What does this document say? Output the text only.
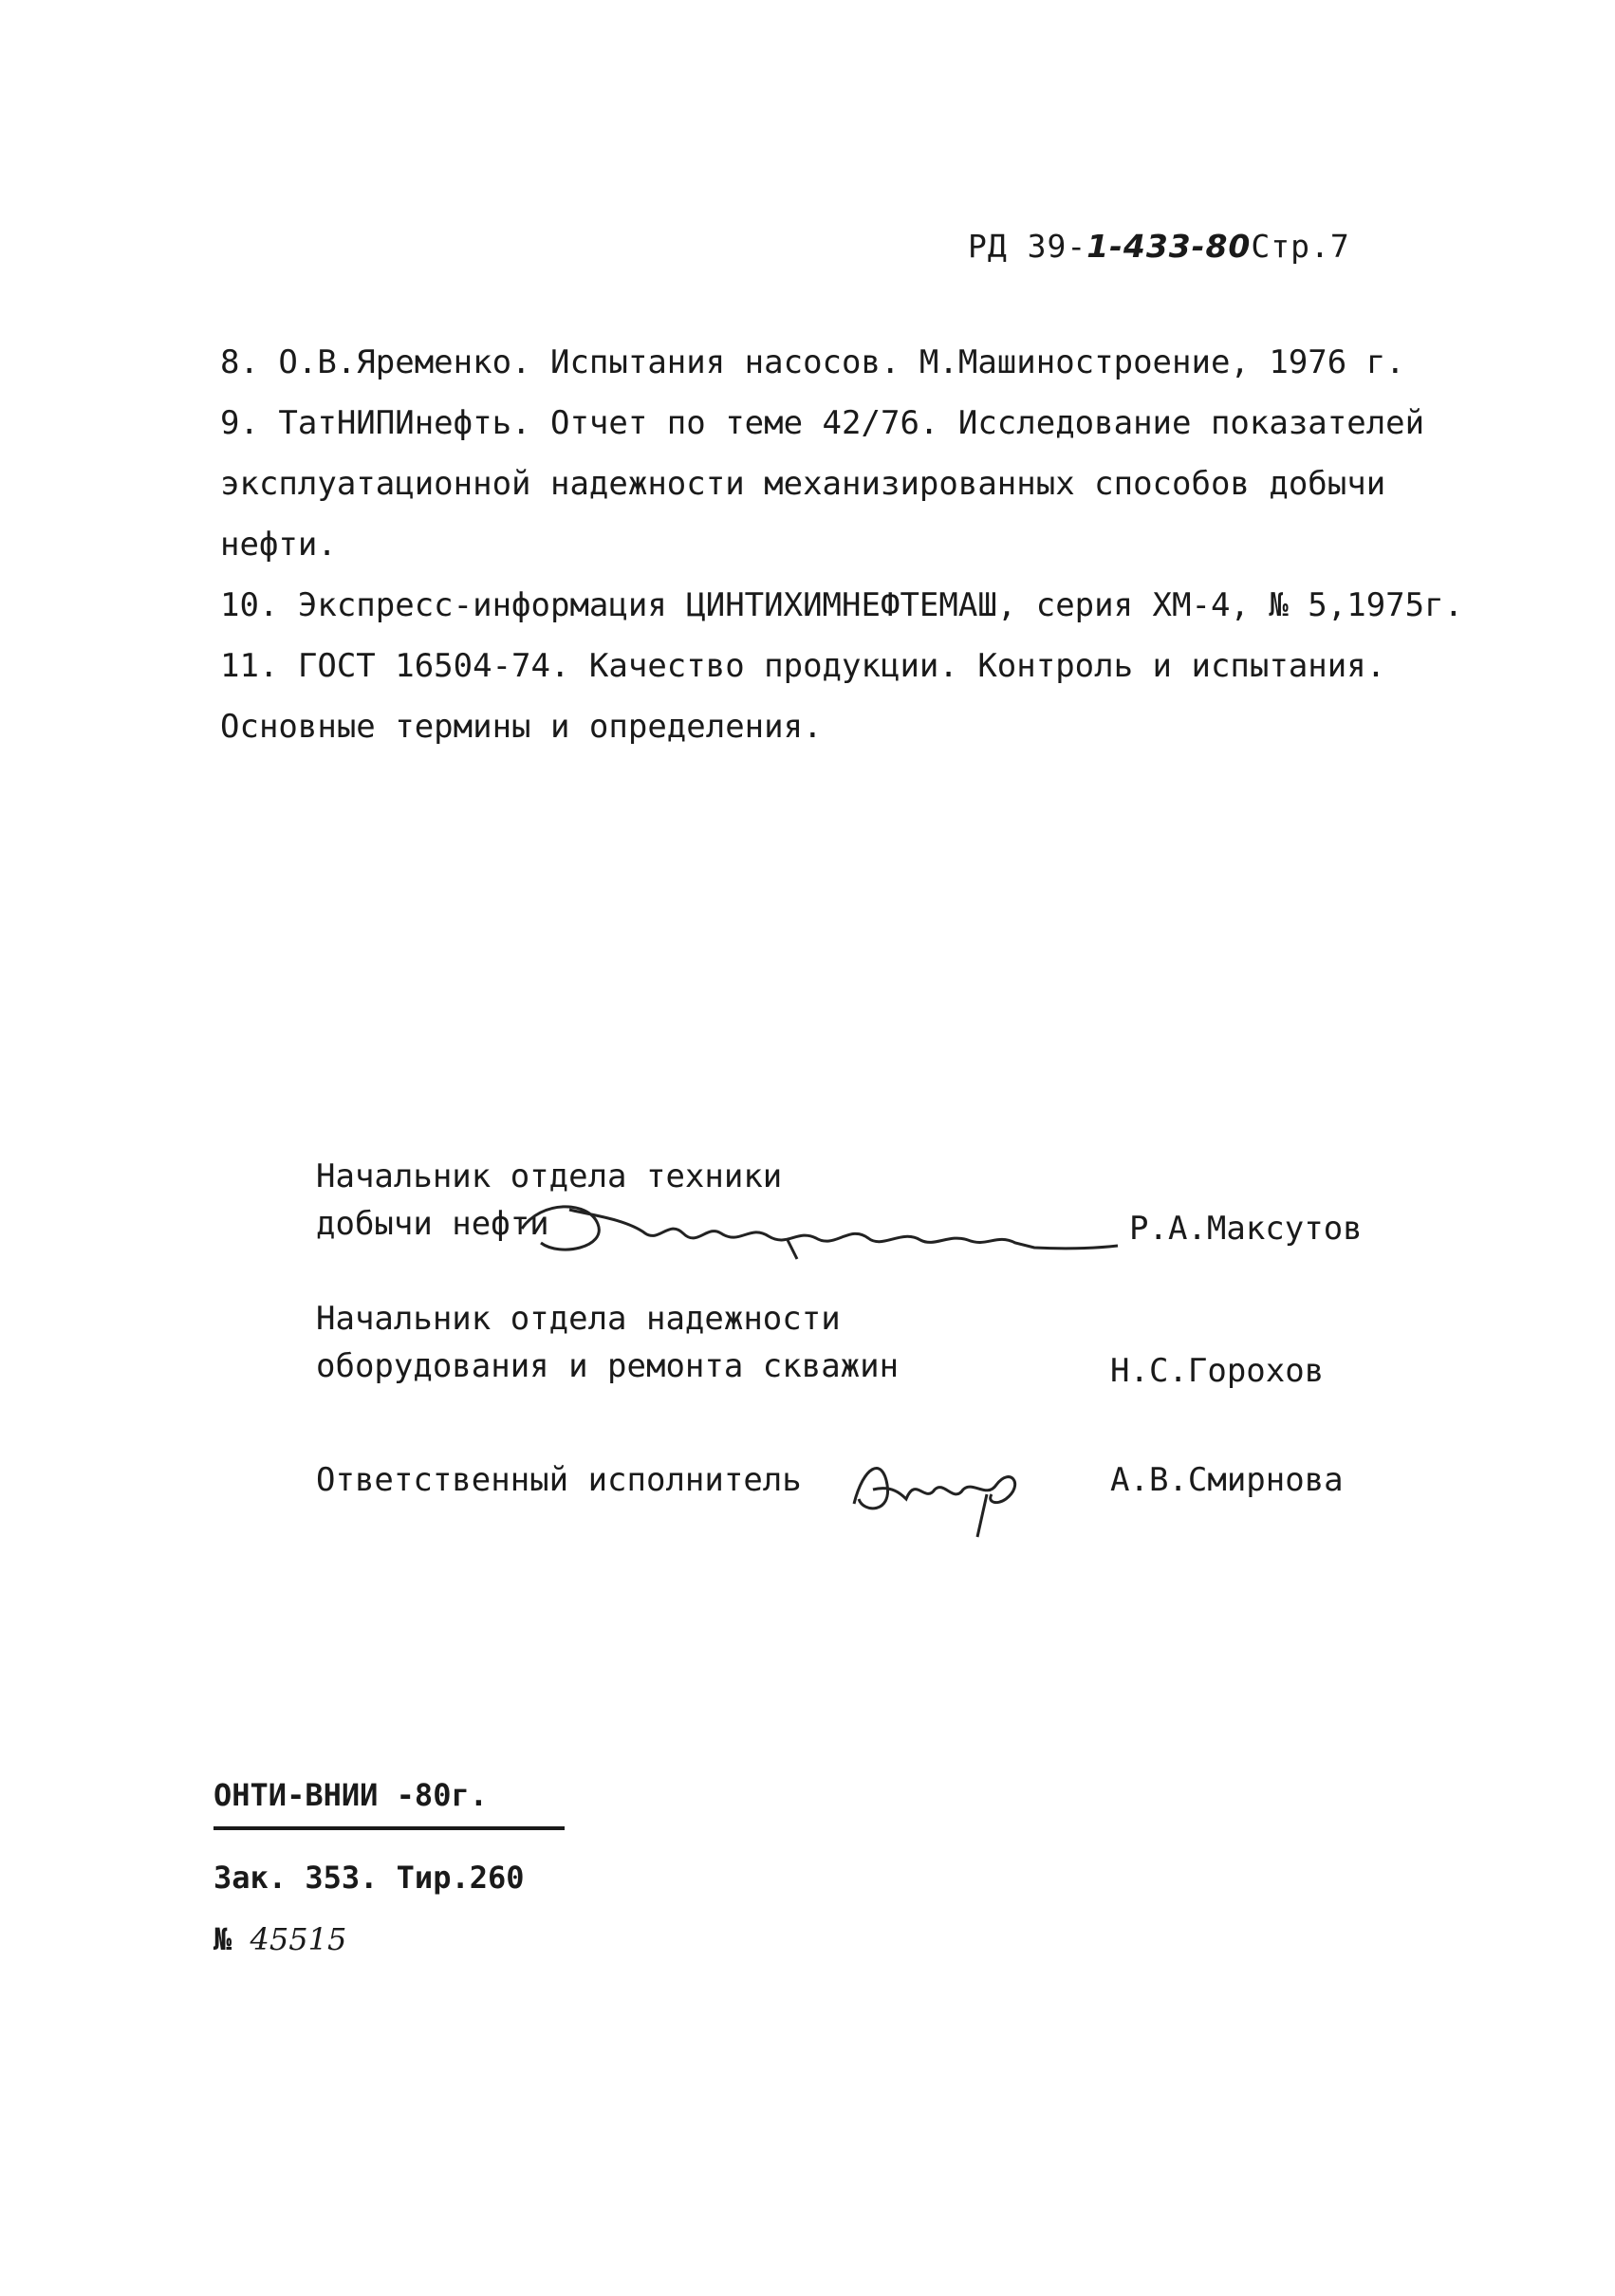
РД 39-1-433-80Стр.7
8. О.В.Яременко. Испытания насосов. М.Машиностроение, 1976 г.
9. ТатНИПИнефть. Отчет по теме 42/76. Исследование показателей
эксплуатационной надежности механизированных способов добычи
нефти.
10. Экспресс-информация ЦИНТИХИМНЕФТЕМАШ, серия ХМ-4, № 5,1975г.
11. ГОСТ 16504-74. Качество продукции. Контроль и испытания.
Основные термины и определения.
Начальник отдела техники
добычи нефти	Р.А.Максутов
Начальник отдела надежности
оборудования и ремонта скважин	Н.С.Горохов
Ответственный исполнитель	А.В.Смирнова
ОНТИ-ВНИИ -80г.
Зак. 353. Тир.260
№ 45515
